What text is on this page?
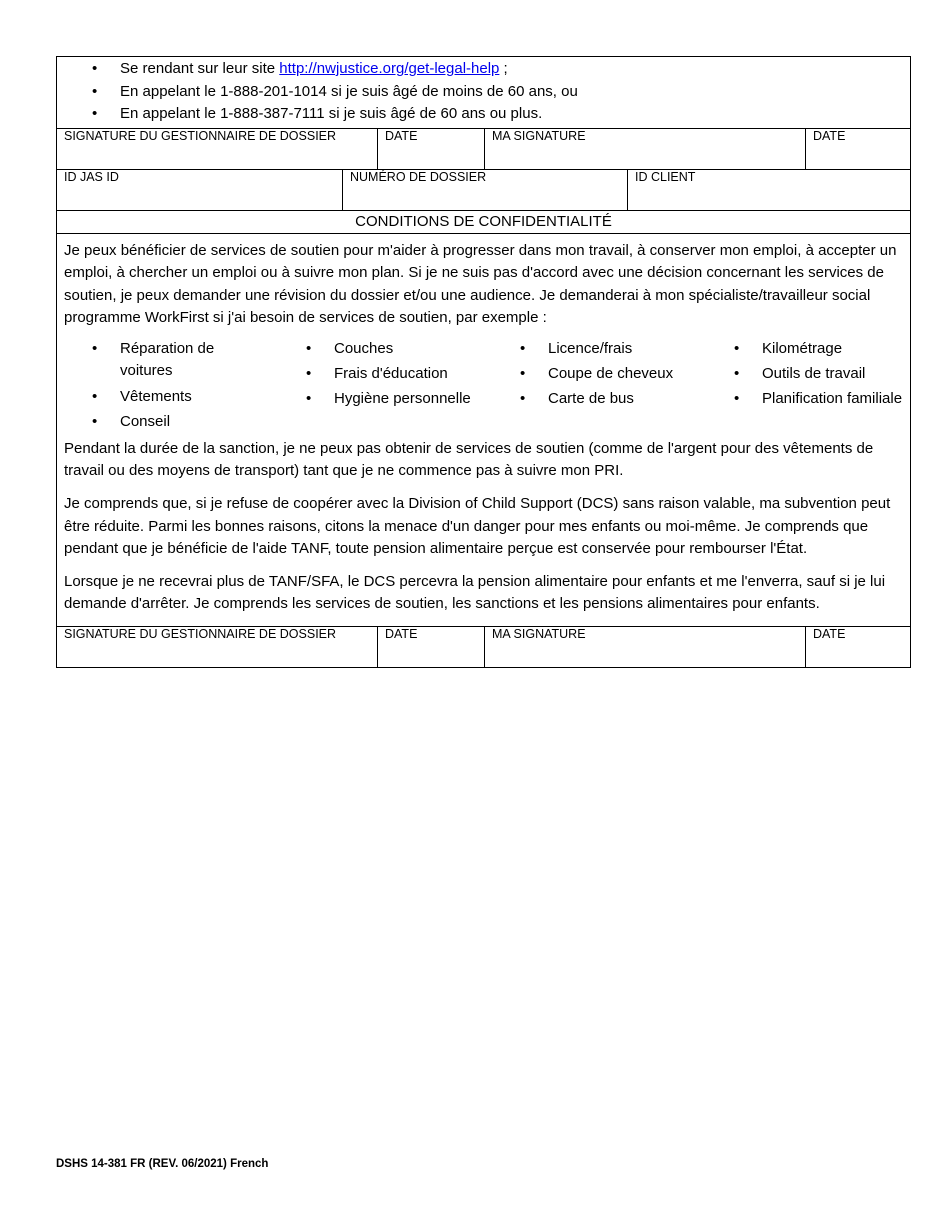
• Se rendant sur leur site http://nwjustice.org/get-legal-help ;
• En appelant le 1-888-201-1014 si je suis âgé de moins de 60 ans, ou
• En appelant le 1-888-387-7111 si je suis âgé de 60 ans ou plus.
SIGNATURE DU GESTIONNAIRE DE DOSSIER	DATE	MA SIGNATURE	DATE
ID JAS ID	NUMÉRO DE DOSSIER	ID CLIENT
CONDITIONS DE CONFIDENTIALITÉ
Je peux bénéficier de services de soutien pour m'aider à progresser dans mon travail, à conserver mon emploi, à accepter un emploi, à chercher un emploi ou à suivre mon plan. Si je ne suis pas d'accord avec une décision concernant les services de soutien, je peux demander une révision du dossier et/ou une audience. Je demanderai à mon spécialiste/travailleur social programme WorkFirst si j'ai besoin de services de soutien, par exemple :
• Réparation de voitures
• Vêtements
• Conseil
• Couches
• Frais d'éducation
• Hygiène personnelle
• Licence/frais
• Coupe de cheveux
• Carte de bus
• Kilométrage
• Outils de travail
• Planification familiale
Pendant la durée de la sanction, je ne peux pas obtenir de services de soutien (comme de l'argent pour des vêtements de travail ou des moyens de transport) tant que je ne commence pas à suivre mon PRI.
Je comprends que, si je refuse de coopérer avec la Division of Child Support (DCS) sans raison valable, ma subvention peut être réduite. Parmi les bonnes raisons, citons la menace d'un danger pour mes enfants ou moi-même. Je comprends que pendant que je bénéficie de l'aide TANF, toute pension alimentaire perçue est conservée pour rembourser l'État.
Lorsque je ne recevrai plus de TANF/SFA, le DCS percevra la pension alimentaire pour enfants et me l'enverra, sauf si je lui demande d'arrêter. Je comprends les services de soutien, les sanctions et les pensions alimentaires pour enfants.
SIGNATURE DU GESTIONNAIRE DE DOSSIER	DATE	MA SIGNATURE	DATE
DSHS 14-381 FR (REV. 06/2021) French
